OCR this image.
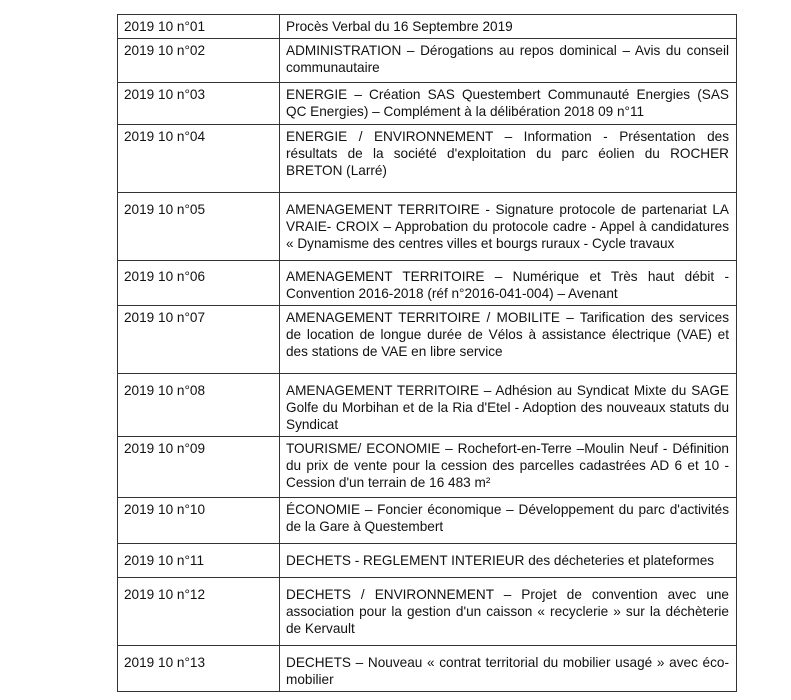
2019 10 n°01	Procès Verbal du 16 Septembre 2019
2019 10 n°02	ADMINISTRATION – Dérogations au repos dominical – Avis du conseil communautaire
2019 10 n°03	ENERGIE – Création SAS Questembert Communauté Energies (SAS QC Energies) – Complément à la délibération 2018 09 n°11
2019 10 n°04	ENERGIE / ENVIRONNEMENT – Information - Présentation des résultats de la société d'exploitation du parc éolien du ROCHER BRETON (Larré)
2019 10 n°05	AMENAGEMENT TERRITOIRE - Signature protocole de partenariat LA VRAIE- CROIX – Approbation du protocole cadre - Appel à candidatures « Dynamisme des centres villes et bourgs ruraux - Cycle travaux
2019 10 n°06	AMENAGEMENT TERRITOIRE – Numérique et Très haut débit - Convention 2016-2018 (réf n°2016-041-004) – Avenant
2019 10 n°07	AMENAGEMENT TERRITOIRE / MOBILITE – Tarification des services de location de longue durée de Vélos à assistance électrique (VAE) et des stations de VAE en libre service
2019 10 n°08	AMENAGEMENT TERRITOIRE – Adhésion au Syndicat Mixte du SAGE Golfe du Morbihan et de la Ria d'Etel - Adoption des nouveaux statuts du Syndicat
2019 10 n°09	TOURISME/ ECONOMIE – Rochefort-en-Terre –Moulin Neuf - Définition du prix de vente pour la cession des parcelles cadastrées AD 6 et 10 - Cession d'un terrain de 16 483 m²
2019 10 n°10	ÉCONOMIE – Foncier économique – Développement du parc d'activités de la Gare à Questembert
2019 10 n°11	DECHETS - REGLEMENT INTERIEUR des décheteries et plateformes
2019 10 n°12	DECHETS / ENVIRONNEMENT – Projet de convention avec une association pour la gestion d'un caisson « recyclerie » sur la déchèterie de Kervault
2019 10 n°13	DECHETS – Nouveau « contrat territorial du mobilier usagé » avec éco-mobilier
